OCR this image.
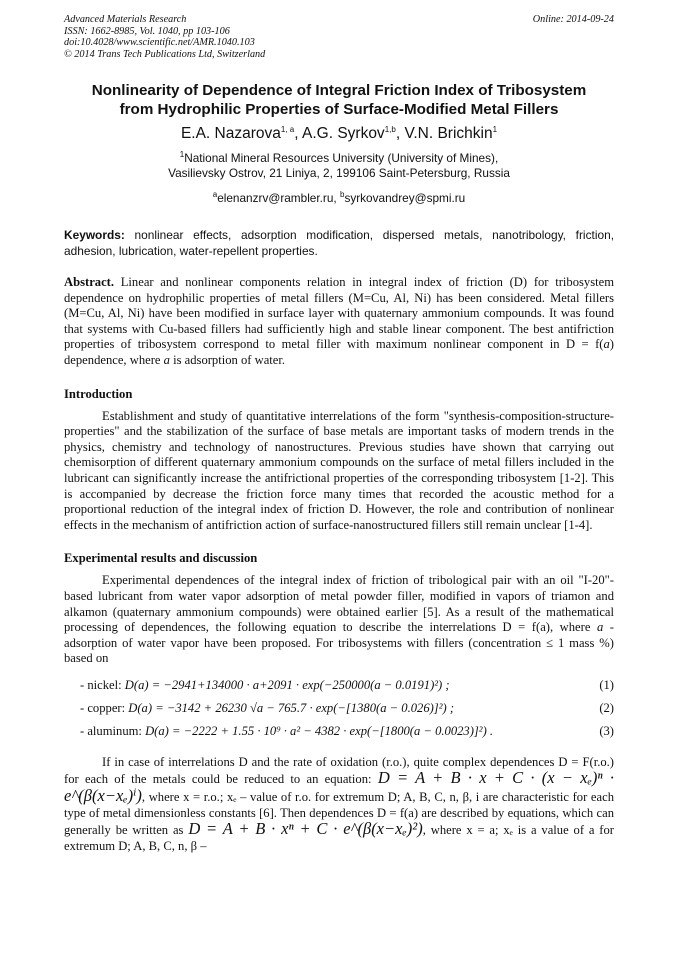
Advanced Materials Research
ISSN: 1662-8985, Vol. 1040, pp 103-106
doi:10.4028/www.scientific.net/AMR.1040.103
© 2014 Trans Tech Publications Ltd, Switzerland
Online: 2014-09-24
Nonlinearity of Dependence of Integral Friction Index of Tribosystem
from Hydrophilic Properties of Surface-Modified Metal Fillers
E.A. Nazarova$^{1, a}$, A.G. Syrkov$^{1,b}$, V.N. Brichkin$^1$
$^1$National Mineral Resources University (University of Mines),
Vasilievsky Ostrov, 21 Liniya, 2, 199106 Saint-Petersburg, Russia
$^a$elenanzrv@rambler.ru, $^b$syrkovandrey@spmi.ru
Keywords: nonlinear effects, adsorption modification, dispersed metals, nanotribology, friction, adhesion, lubrication, water-repellent properties.

Abstract. Linear and nonlinear components relation in integral index of friction (D) for tribosystem dependence on hydrophilic properties of metal fillers (M=Cu, Al, Ni) has been considered. Metal fillers (M=Cu, Al, Ni) have been modified in surface layer with quaternary ammonium compounds. It was found that systems with Cu-based fillers had sufficiently high and stable linear component. The best antifriction properties of tribosystem correspond to metal filler with maximum nonlinear component in D = f(a) dependence, where a is adsorption of water.

Introduction

Establishment and study of quantitative interrelations of the form "synthesis-composition-structure-properties" and the stabilization of the surface of base metals are important tasks of modern trends in the physics, chemistry and technology of nanostructures. Previous studies have shown that carrying out chemisorption of different quaternary ammonium compounds on the surface of metal fillers included in the lubricant can significantly increase the antifrictional properties of the corresponding tribosystem [1-2]. This is accompanied by decrease the friction force many times that recorded the acoustic method for a proportional reduction of the integral index of friction D. However, the role and contribution of nonlinear effects in the mechanism of antifriction action of surface-nanostructured fillers still remain unclear [1-4].

Experimental results and discussion

Experimental dependences of the integral index of friction of tribological pair with an oil "I-20"-based lubricant from water vapor adsorption of metal powder filler, modified in vapors of triamon and alkamon (quaternary ammonium compounds) were obtained earlier [5]. As a result of the mathematical processing of dependences, the following equation to describe the interrelations D = f(a), where a - adsorption of water vapor have been proposed. For tribosystems with fillers (concentration ≤ 1 mass %) based on

- nickel: D(a) = −2941+134000 · a+2091 · exp(−250000(a − 0.0191)²) ;	(1)
- copper: D(a) = −3142 + 26230 √a − 765.7 · exp(−[1380(a − 0.026)]²) ;	(2)
- aluminum: D(a) = −2222 + 1.55 · 10⁹ · a² − 4382 · exp(−[1800(a − 0.0023)]²) .	(3)

If in case of interrelations D and the rate of oxidation (r.o.), quite complex dependences D = F(r.o.) for each of the metals could be reduced to an equation: D = A + B · x + C · (x − xₑ)ⁿ · e^(β(x−xₑ)ⁱ), where x = r.o.; xₑ – value of r.o. for extremum D; A, B, C, n, β, i are characteristic for each type of metal dimensionless constants [6]. Then dependences D = f(a) are described by equations, which can generally be written as D = A + B · xⁿ + C · e^(β(x−xₑ)²), where x = a; xₑ is a value of a for extremum D; A, B, C, n, β –
